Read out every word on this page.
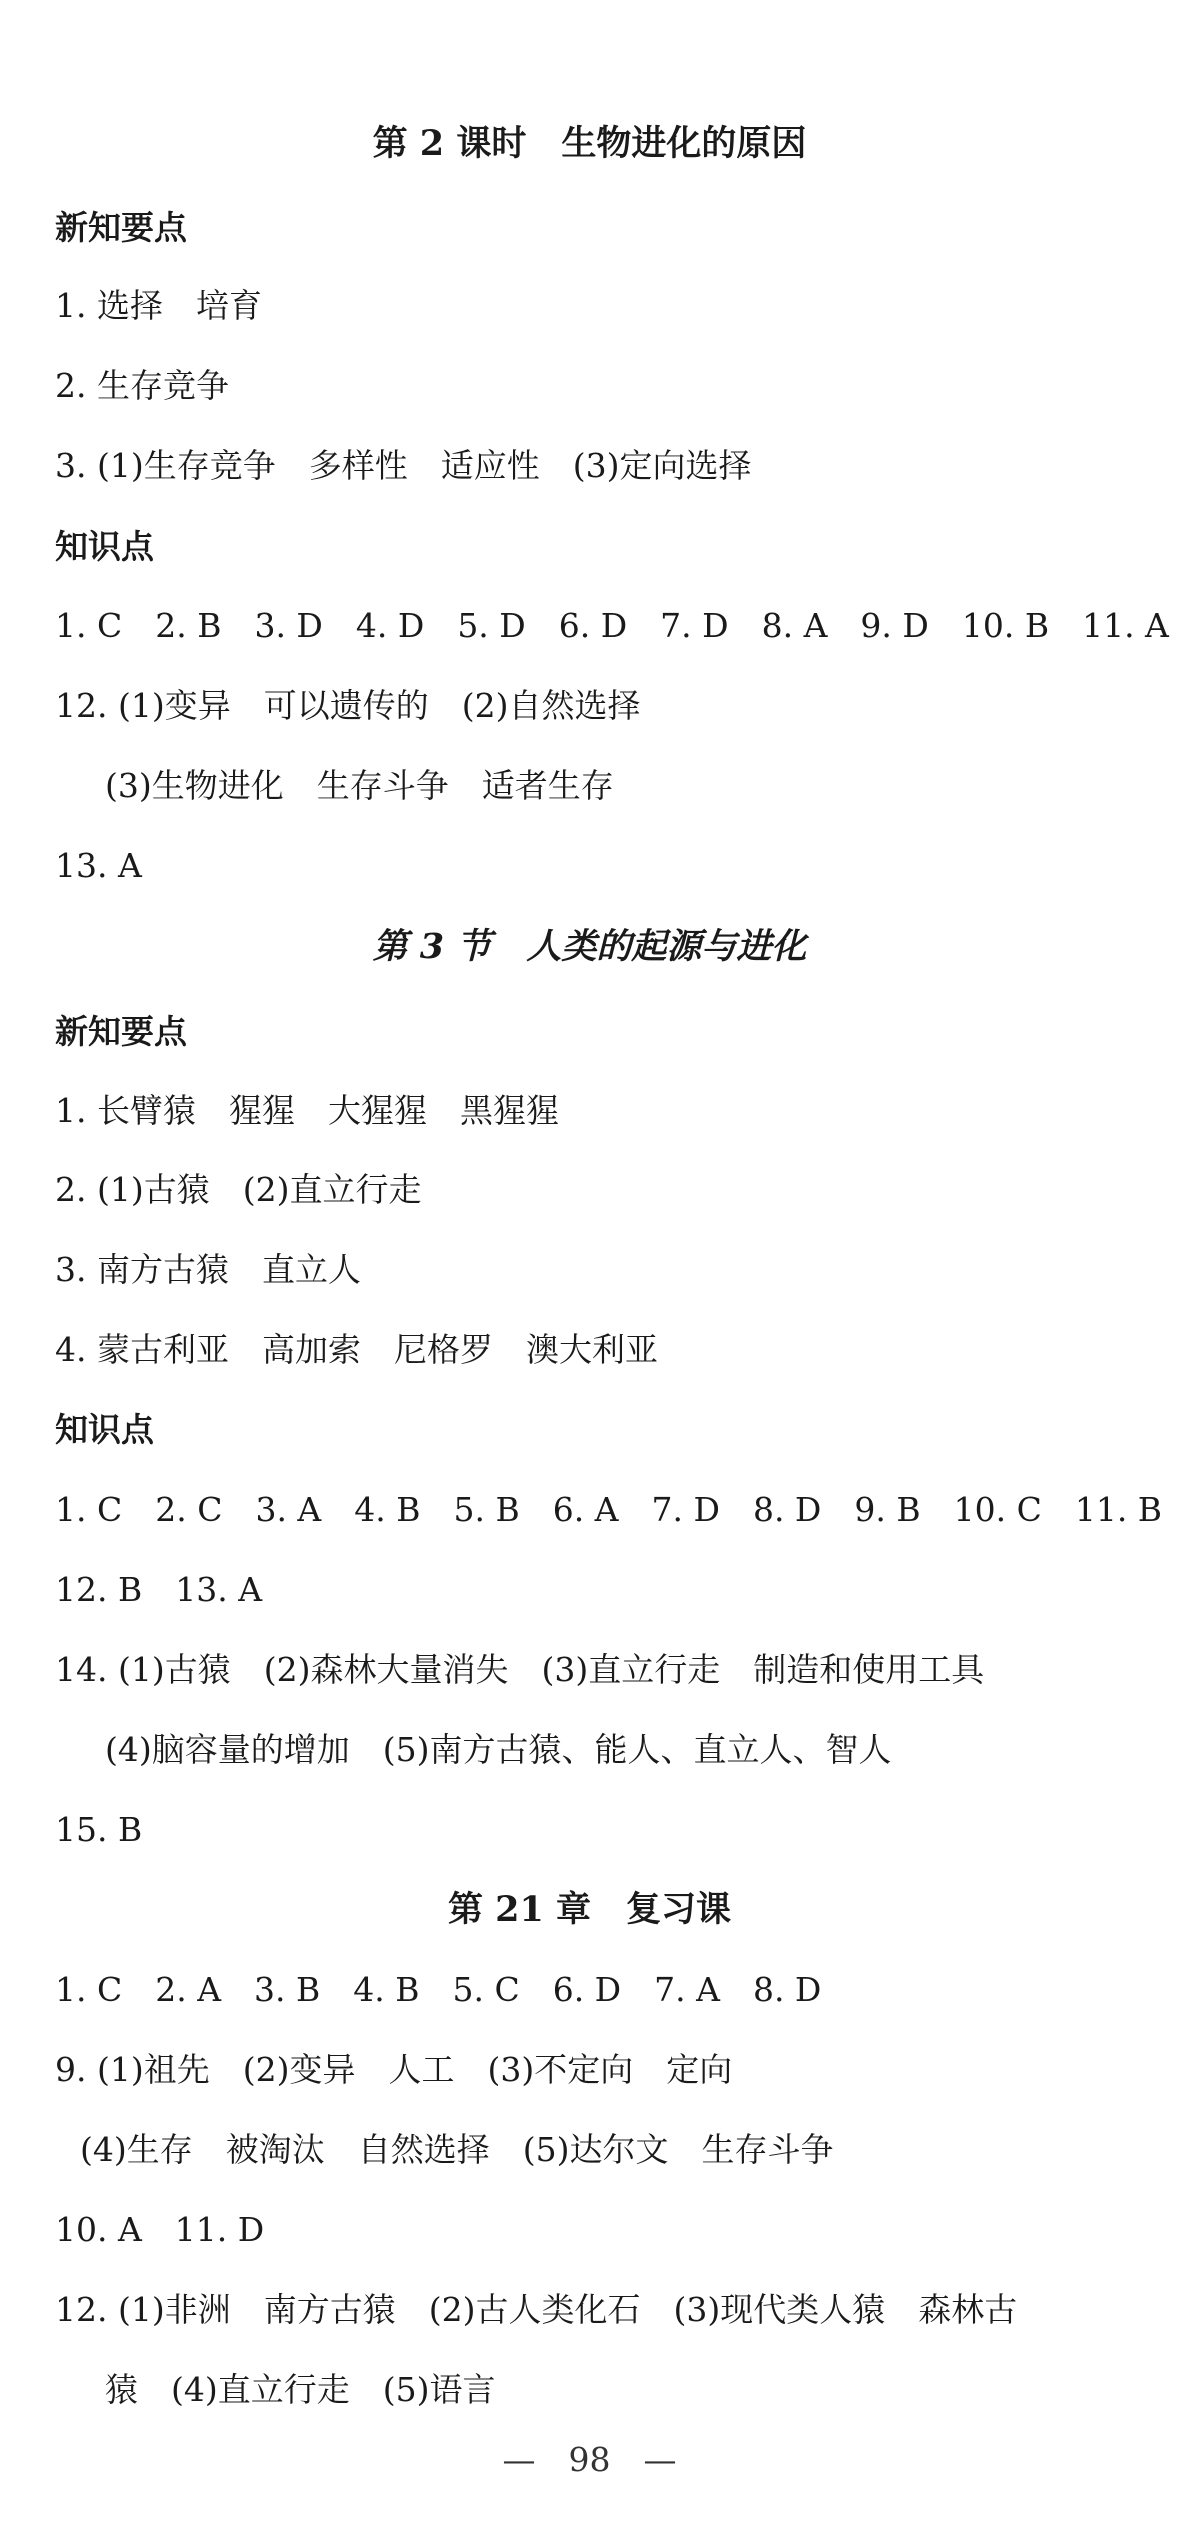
第 2 课时　生物进化的原因
新知要点
1. 选择　培育
2. 生存竞争
3. (1)生存竞争　多样性　适应性　(3)定向选择
知识点
1. C　2. B　3. D　4. D　5. D　6. D　7. D　8. A　9. D　10. B　11. A
12. (1)变异　可以遗传的　(2)自然选择
(3)生物进化　生存斗争　适者生存
13. A
第 3 节　人类的起源与进化
新知要点
1. 长臂猿　猩猩　大猩猩　黑猩猩
2. (1)古猿　(2)直立行走
3. 南方古猿　直立人
4. 蒙古利亚　高加索　尼格罗　澳大利亚
知识点
1. C　2. C　3. A　4. B　5. B　6. A　7. D　8. D　9. B　10. C　11. B
12. B　13. A
14. (1)古猿　(2)森林大量消失　(3)直立行走　制造和使用工具
(4)脑容量的增加　(5)南方古猿、能人、直立人、智人
15. B
第 21 章　复习课
1. C　2. A　3. B　4. B　5. C　6. D　7. A　8. D
9. (1)祖先　(2)变异　人工　(3)不定向　定向
(4)生存　被淘汰　自然选择　(5)达尔文　生存斗争
10. A　11. D
12. (1)非洲　南方古猿　(2)古人类化石　(3)现代类人猿　森林古
猿　(4)直立行走　(5)语言
—　98　—
